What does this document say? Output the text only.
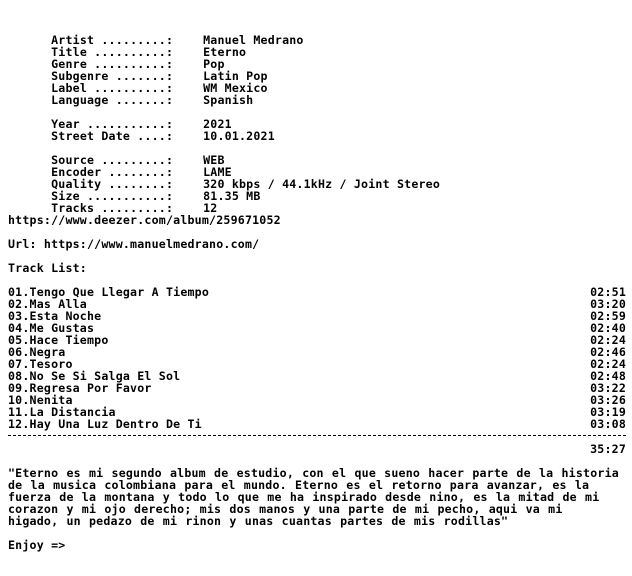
Artist .........:	Manuel Medrano

Title ..........:	Eterno

Genre ..........:	Pop

Subgenre .......:	Latin Pop

Label ..........:	WM Mexico

Language .......:	Spanish

Year ...........:	2021

Street Date ....:	10.01.2021

Source .........:	WEB

Encoder ........:	LAME

Quality ........:	320 kbps / 44.1kHz / Joint Stereo

Size ...........:	81.35 MB

Tracks .........:	12

https://www.deezer.com/album/259671052
Url: https://www.manuelmedrano.com/
Track List:
01.Tengo Que Llegar A Tiempo	02:51
02.Mas Alla	03:20
03.Esta Noche	02:59
04.Me Gustas	02:40
05.Hace Tiempo	02:24
06.Negra	02:46
07.Tesoro	02:24
08.No Se Si Salga El Sol	02:48
09.Regresa Por Favor	03:22
10.Nenita	03:26
11.La Distancia	03:19
12.Hay Una Luz Dentro De Ti	03:08
35:27
"Eterno es mi segundo album de estudio, con el que sueno hacer parte de la historia de la musica colombiana para el mundo. Eterno es el retorno para avanzar, es la fuerza de la montana y todo lo que me ha inspirado desde nino, es la mitad de mi corazon y mi ojo derecho; mis dos manos y una parte de mi pecho, aqui va mi higado, un pedazo de mi rinon y unas cuantas partes de mis rodillas"
Enjoy =>
